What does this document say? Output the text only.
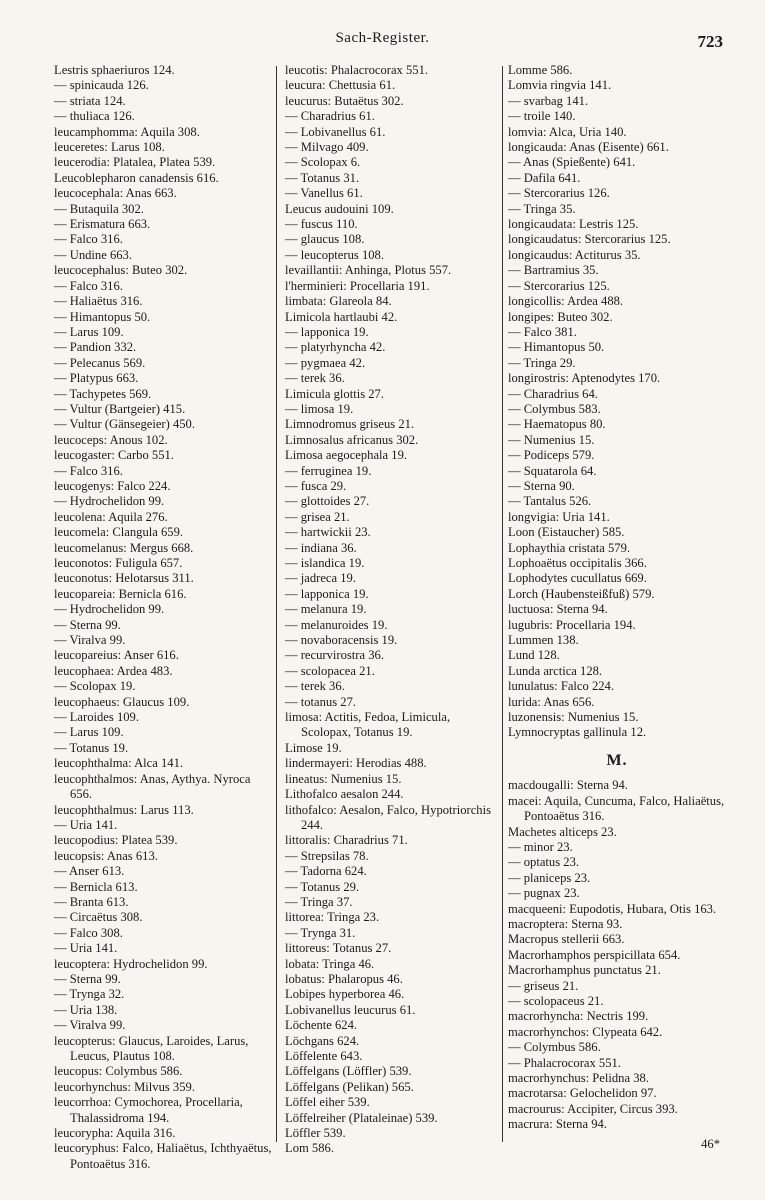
Sach-Register.	723
Lestris sphaeriuros 124.
— spinicauda 126.
— striata 124.
— thuliaca 126.
leucamphomma: Aquila 308.
leuceretes: Larus 108.
leucerodia: Platalea, Platea 539.
Leucoblepharon canadensis 616.
leucocephala: Anas 663.
— Butaquila 302.
— Erismatura 663.
— Falco 316.
— Undine 663.
leucocephalus: Buteo 302.
— Falco 316.
— Haliaëtus 316.
— Himantopus 50.
— Larus 109.
— Pandion 332.
— Pelecanus 569.
— Platypus 663.
— Tachypetes 569.
— Vultur (Bartgeier) 415.
— Vultur (Gänsegeier) 450.
leucoceps: Anous 102.
leucogaster: Carbo 551.
— Falco 316.
leucogenys: Falco 224.
— Hydrochelidon 99.
leucolena: Aquila 276.
leucomela: Clangula 659.
leucomelanus: Mergus 668.
leuconotos: Fuligula 657.
leuconotus: Helotarsus 311.
leucopareia: Bernicla 616.
— Hydrochelidon 99.
— Sterna 99.
— Viralva 99.
leucopareius: Anser 616.
leucophaea: Ardea 483.
— Scolopax 19.
leucophaeus: Glaucus 109.
— Laroides 109.
— Larus 109.
— Totanus 19.
leucophthalma: Alca 141.
leucophthalmos: Anas, Aythya. Nyroca 656.
leucophthalmus: Larus 113.
— Uria 141.
leucopodius: Platea 539.
leucopsis: Anas 613.
— Anser 613.
— Bernicla 613.
— Branta 613.
— Circaëtus 308.
— Falco 308.
— Uria 141.
leucoptera: Hydrochelidon 99.
— Sterna 99.
— Trynga 32.
— Uria 138.
— Viralva 99.
leucopterus: Glaucus, Laroides, Larus, Leucus, Plautus 108.
leucopus: Colymbus 586.
leucorhynchus: Milvus 359.
leucorrhoa: Cymochorea, Procellaria, Thalassidroma 194.
leucorypha: Aquila 316.
leucoryphus: Falco, Haliaëtus, Ichthyaëtus, Pontoaëtus 316.
leucotis: Phalacrocorax 551.
leucura: Chettusia 61.
leucurus: Butaëtus 302.
— Charadrius 61.
— Lobivanellus 61.
— Milvago 409.
— Scolopax 6.
— Totanus 31.
— Vanellus 61.
Leucus audouini 109.
— fuscus 110.
— glaucus 108.
— leucopterus 108.
levaillantii: Anhinga, Plotus 557.
l'herminieri: Procellaria 191.
limbata: Glareola 84.
Limicola hartlaubi 42.
— lapponica 19.
— platyrhyncha 42.
— pygmaea 42.
— terek 36.
Limicula glottis 27.
— limosa 19.
Limnodromus griseus 21.
Limnosalus africanus 302.
Limosa aegocephala 19.
— ferruginea 19.
— fusca 29.
— glottoides 27.
— grisea 21.
— hartwickii 23.
— indiana 36.
— islandica 19.
— jadreca 19.
— lapponica 19.
— melanura 19.
— melanuroides 19.
— novaboracensis 19.
— recurvirostra 36.
— scolopacea 21.
— terek 36.
— totanus 27.
limosa: Actitis, Fedoa, Limicula, Scolopax, Totanus 19.
Limose 19.
lindermayeri: Herodias 488.
lineatus: Numenius 15.
Lithofalco aesalon 244.
lithofalco: Aesalon, Falco, Hypotriorchis 244.
littoralis: Charadrius 71.
— Strepsilas 78.
— Tadorna 624.
— Totanus 29.
— Tringa 37.
littorea: Tringa 23.
— Trynga 31.
littoreus: Totanus 27.
lobata: Tringa 46.
lobatus: Phalaropus 46.
Lobipes hyperborea 46.
Lobivanellus leucurus 61.
Löchente 624.
Löchgans 624.
Löffelente 643.
Löffelgans (Löffler) 539.
Löffelgans (Pelikan) 565.
Löffel eiher 539.
Löffelreiher (Plataleinae) 539.
Löffler 539.
Lom 586.
Lomme 586.
Lomvia ringvia 141.
— svarbag 141.
— troile 140.
lomvia: Alca, Uria 140.
longicauda: Anas (Eisente) 661.
— Anas (Spießente) 641.
— Dafila 641.
— Stercorarius 126.
— Tringa 35.
longicaudata: Lestris 125.
longicaudatus: Stercorarius 125.
longicaudus: Actiturus 35.
— Bartramius 35.
— Stercorarius 125.
longicollis: Ardea 488.
longipes: Buteo 302.
— Falco 381.
— Himantopus 50.
— Tringa 29.
longirostris: Aptenodytes 170.
— Charadrius 64.
— Colymbus 583.
— Haematopus 80.
— Numenius 15.
— Podiceps 579.
— Squatarola 64.
— Sterna 90.
— Tantalus 526.
longvigia: Uria 141.
Loon (Eistaucher) 585.
Lophaythia cristata 579.
Lophoaëtus occipitalis 366.
Lophodytes cucullatus 669.
Lorch (Haubensteißfuß) 579.
luctuosa: Sterna 94.
lugubris: Procellaria 194.
Lummen 138.
Lund 128.
Lunda arctica 128.
lunulatus: Falco 224.
lurida: Anas 656.
luzonensis: Numenius 15.
Lymnocryptas gallinula 12.
M.
macdougalli: Sterna 94.
macei: Aquila, Cuncuma, Falco, Haliaëtus, Pontoaëtus 316.
Machetes alticeps 23.
— minor 23.
— optatus 23.
— planiceps 23.
— pugnax 23.
macqueeni: Eupodotis, Hubara, Otis 163.
macroptera: Sterna 93.
Macropus stellerii 663.
Macrorhamphos perspicillata 654.
Macrorhamphus punctatus 21.
— griseus 21.
— scolopaceus 21.
macrorhyncha: Nectris 199.
macrorhynchos: Clypeata 642.
— Colymbus 586.
— Phalacrocorax 551.
macrorhynchus: Pelidna 38.
macrotarsa: Gelochelidon 97.
macrourus: Accipiter, Circus 393.
macrura: Sterna 94.
46*
